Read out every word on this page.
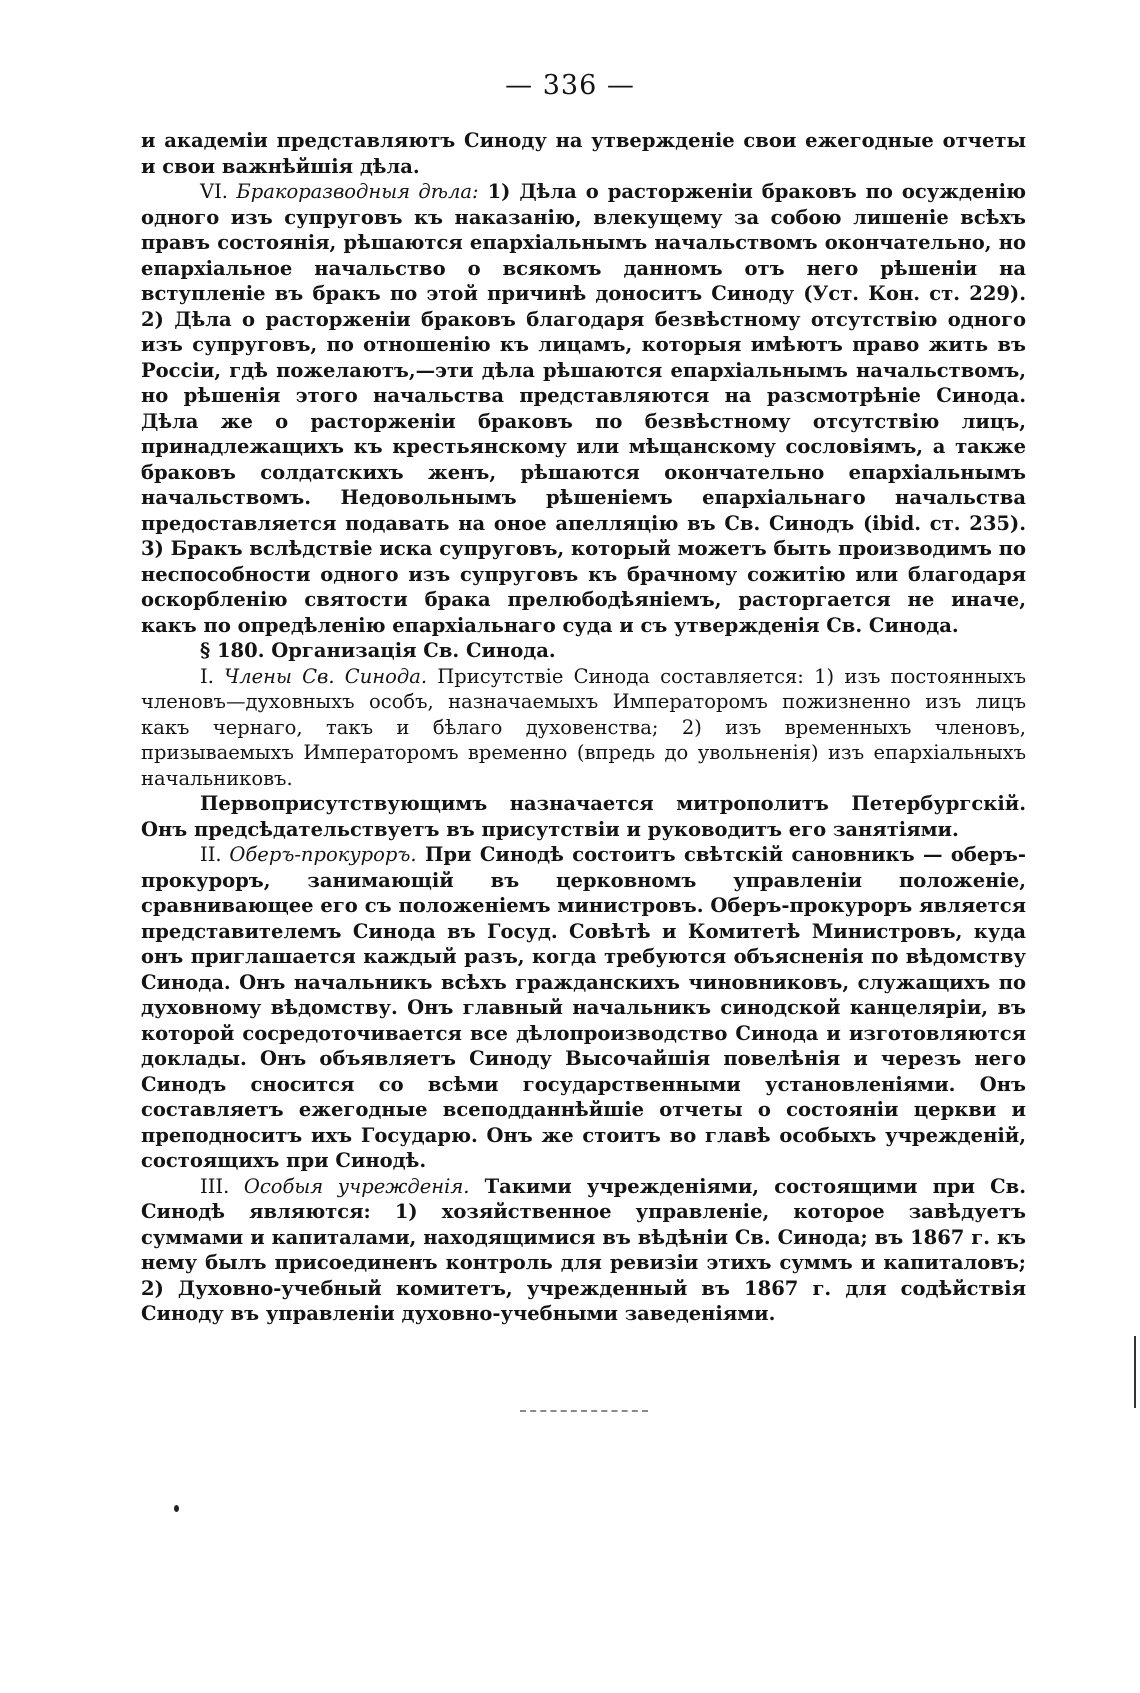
— 336 —

и академіи представляютъ Синоду на утвержденіе свои ежегодные отчеты и свои важнѣйшія дѣла.

VI. Бракоразводныя дѣла: 1) Дѣла о расторженіи браковъ по осужденію одного изъ супруговъ къ наказанію, влекущему за собою лишеніе всѣхъ правъ состоянія, рѣшаются епархіальнымъ начальствомъ окончательно, но епархіальное начальство о всякомъ данномъ отъ него рѣшеніи на вступленіе въ бракъ по этой причинѣ доноситъ Синоду (Уст. Кон. ст. 229). 2) Дѣла о расторженіи браковъ благодаря безвѣстному отсутствію одного изъ супруговъ, по отношенію къ лицамъ, которыя имѣютъ право жить въ Россіи, гдѣ пожелаютъ,—эти дѣла рѣшаются епархіальнымъ начальствомъ, но рѣшенія этого начальства представляются на разсмотрѣніе Синода. Дѣла же о расторженіи браковъ по безвѣстному отсутствію лицъ, принадлежащихъ къ крестьянскому или мѣщанскому сословіямъ, а также браковъ солдатскихъ женъ, рѣшаются окончательно епархіальнымъ начальствомъ. Недовольнымъ рѣшеніемъ епархіальнаго начальства предоставляется подавать на оное апелляцію въ Св. Синодъ (ibid. ст. 235). 3) Бракъ вслѣдствіе иска супруговъ, который можетъ быть производимъ по неспособности одного изъ супруговъ къ брачному сожитію или благодаря оскорбленію святости брака прелюбодѣяніемъ, расторгается не иначе, какъ по опредѣленію епархіальнаго суда и съ утвержденія Св. Синода.

§ 180. Организація Св. Синода.

I. Члены Св. Синода. Присутствіе Синода составляется: 1) изъ постоянныхъ членовъ—духовныхъ особъ, назначаемыхъ Императоромъ пожизненно изъ лицъ какъ чернаго, такъ и бѣлаго духовенства; 2) изъ временныхъ членовъ, призываемыхъ Императоромъ временно (впредь до увольненія) изъ епархіальныхъ начальниковъ.

Первоприсутствующимъ назначается митрополитъ Петербургскій. Онъ предсѣдательствуетъ въ присутствіи и руководитъ его занятіями.

II. Оберъ-прокуроръ. При Синодѣ состоитъ свѣтскій сановникъ — оберъ-прокуроръ, занимающій въ церковномъ управленіи положеніе, сравнивающее его съ положеніемъ министровъ. Оберъ-прокуроръ является представителемъ Синода въ Госуд. Совѣтѣ и Комитетѣ Министровъ, куда онъ приглашается каждый разъ, когда требуются объясненія по вѣдомству Синода. Онъ начальникъ всѣхъ гражданскихъ чиновниковъ, служащихъ по духовному вѣдомству. Онъ главный начальникъ синодской канцеляріи, въ которой сосредоточивается все дѣлопроизводство Синода и изготовляются доклады. Онъ объявляетъ Синоду Высочайшія повелѣнія и черезъ него Синодъ сносится со всѣми государственными установленіями. Онъ составляетъ ежегодные всеподданнѣйшіе отчеты о состояніи церкви и преподноситъ ихъ Государю. Онъ же стоитъ во главѣ особыхъ учрежденій, состоящихъ при Синодѣ.

III. Особыя учрежденія. Такими учрежденіями, состоящими при Св. Синодѣ являются: 1) хозяйственное управленіе, которое завѣдуетъ суммами и капиталами, находящимися въ вѣдѣніи Св. Синода; въ 1867 г. къ нему былъ присоединенъ контроль для ревизіи этихъ суммъ и капиталовъ; 2) Духовно-учебный комитетъ, учрежденный въ 1867 г. для содѣйствія Синоду въ управленіи духовно-учебными заведеніями.
